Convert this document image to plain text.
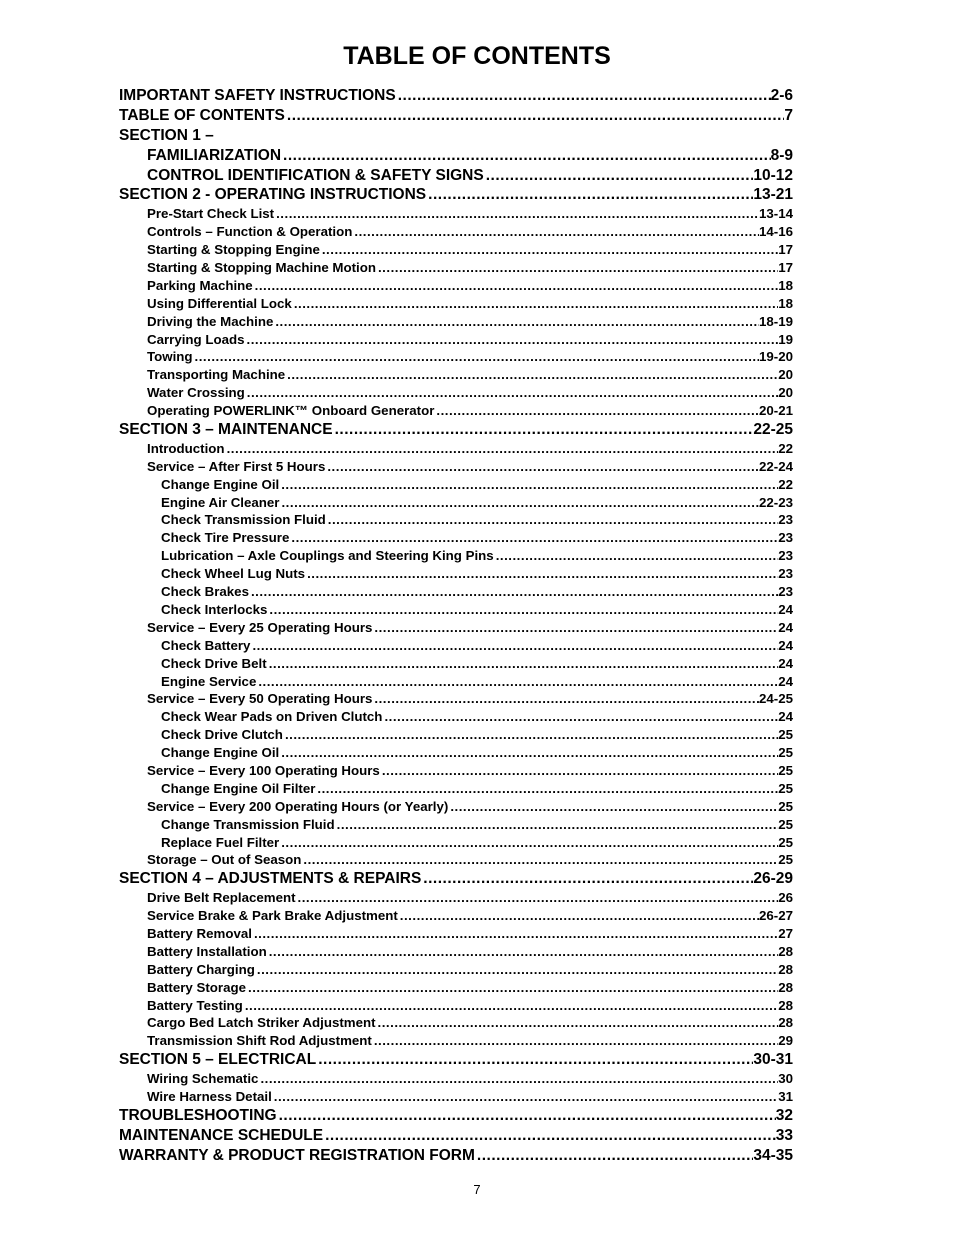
TABLE OF CONTENTS
IMPORTANT SAFETY INSTRUCTIONS .....	2-6
TABLE OF CONTENTS .....	7
SECTION 1 –
FAMILIARIZATION .....	8-9
CONTROL IDENTIFICATION & SAFETY SIGNS .....	10-12
SECTION 2 - OPERATING INSTRUCTIONS .....	13-21
Pre-Start Check List .....	13-14
Controls – Function & Operation .....	14-16
Starting & Stopping Engine .....	17
Starting & Stopping Machine Motion .....	17
Parking Machine .....	18
Using Differential Lock .....	18
Driving the Machine .....	18-19
Carrying Loads .....	19
Towing .....	19-20
Transporting Machine .....	20
Water Crossing .....	20
Operating POWERLINK™ Onboard Generator .....	20-21
SECTION 3 – MAINTENANCE .....	22-25
Introduction .....	22
Service – After First 5 Hours .....	22-24
Change Engine Oil .....	22
Engine Air Cleaner .....	22-23
Check Transmission Fluid .....	23
Check Tire Pressure .....	23
Lubrication – Axle Couplings and Steering King Pins .....	23
Check Wheel Lug Nuts .....	23
Check Brakes .....	23
Check Interlocks .....	24
Service – Every 25 Operating Hours .....	24
Check Battery .....	24
Check Drive Belt .....	24
Engine Service .....	24
Service – Every 50 Operating Hours .....	24-25
Check Wear Pads on Driven Clutch .....	24
Check Drive Clutch .....	25
Change Engine Oil .....	25
Service – Every 100 Operating Hours .....	25
Change Engine Oil Filter .....	25
Service – Every 200 Operating Hours (or Yearly) .....	25
Change Transmission Fluid .....	25
Replace Fuel Filter .....	25
Storage – Out of Season .....	25
SECTION 4 – ADJUSTMENTS & REPAIRS .....	26-29
Drive Belt Replacement .....	26
Service Brake & Park Brake Adjustment .....	26-27
Battery Removal .....	27
Battery Installation .....	28
Battery Charging .....	28
Battery Storage .....	28
Battery Testing .....	28
Cargo Bed Latch Striker Adjustment .....	28
Transmission Shift Rod Adjustment .....	29
SECTION 5 – ELECTRICAL .....	30-31
Wiring Schematic .....	30
Wire Harness Detail .....	31
TROUBLESHOOTING .....	32
MAINTENANCE SCHEDULE .....	33
WARRANTY & PRODUCT REGISTRATION FORM .....	34-35
7
